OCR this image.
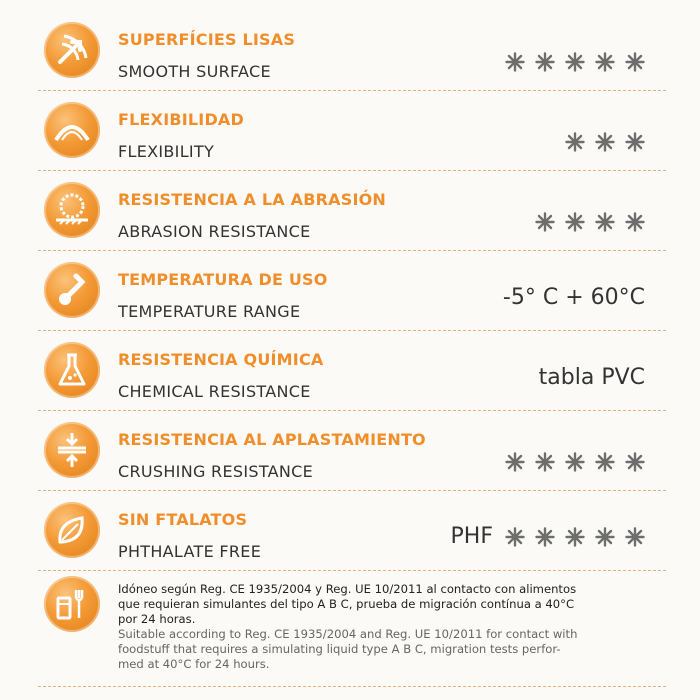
SUPERFÍCIES LISAS
SMOOTH SURFACE
FLEXIBILIDAD
FLEXIBILITY
RESISTENCIA A LA ABRASIÓN
ABRASION RESISTANCE
TEMPERATURA DE USO
TEMPERATURE RANGE
-5° C + 60°C
RESISTENCIA QUÍMICA
CHEMICAL RESISTANCE
tabla PVC
RESISTENCIA AL APLASTAMIENTO
CRUSHING RESISTANCE
SIN FTALATOS
PHTHALATE FREE
PHF

Idóneo según Reg. CE 1935/2004 y Reg. UE 10/2011 al contacto con alimentos

que requieran simulantes del tipo A B C, prueba de migración contínua a 40°C

por 24 horas.

Suitable according to Reg. CE 1935/2004 and Reg. UE 10/2011 for contact with

foodstuff that requires a simulating liquid type A B C, migration tests perfor-

med at 40°C for 24 hours.
